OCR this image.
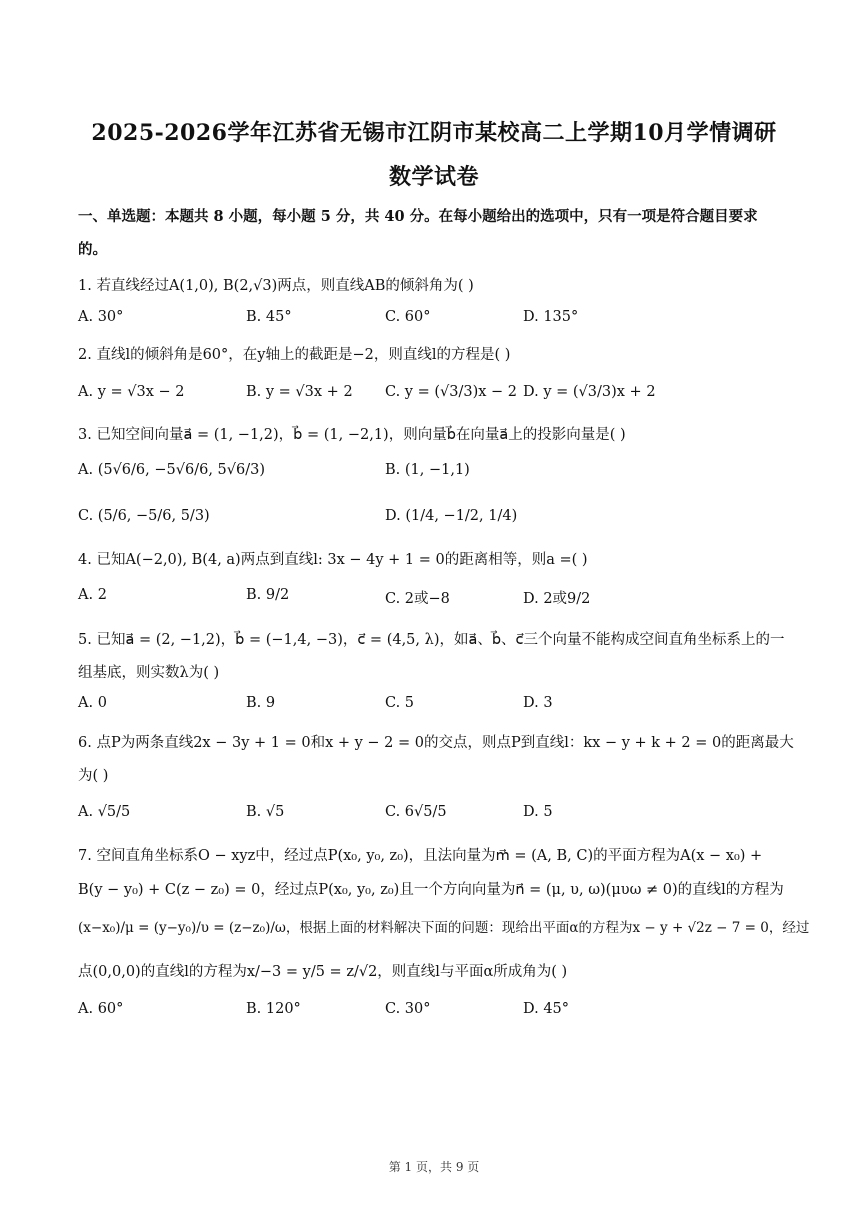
2025-2026学年江苏省无锡市江阴市某校高二上学期10月学情调研
数学试卷
一、单选题：本题共 8 小题，每小题 5 分，共 40 分。在每小题给出的选项中，只有一项是符合题目要求
的。
1. 若直线经过A(1,0), B(2,√3)两点，则直线AB的倾斜角为( )
A. 30°	B. 45°	C. 60°	D. 135°
2. 直线l的倾斜角是60°，在y轴上的截距是−2，则直线l的方程是( )
A. y = √3x − 2	B. y = √3x + 2 C. y = (√3/3)x − 2 D. y = (√3/3)x + 2
3. 已知空间向量a⃗ = (1, −1,2)，b⃗ = (1, −2,1)，则向量b⃗在向量a⃗上的投影向量是( )
A. (5√6/6, −5√6/6, 5√6/3)	B. (1, −1,1)
C. (5/6, −5/6, 5/3)	D. (1/4, −1/2, 1/4)
4. 已知A(−2,0), B(4, a)两点到直线l: 3x − 4y + 1 = 0的距离相等，则a =( )
A. 2	B. 9/2	C. 2或−8	D. 2或9/2
5. 已知a⃗ = (2, −1,2)，b⃗ = (−1,4, −3)，c⃗ = (4,5, λ)，如a⃗、b⃗、c⃗三个向量不能构成空间直角坐标系上的一
组基底，则实数λ为( )
A. 0	B. 9	C. 5	D. 3
6. 点P为两条直线2x − 3y + 1 = 0和x + y − 2 = 0的交点，则点P到直线l：kx − y + k + 2 = 0的距离最大
为( )
A. √5/5	B. √5	C. 6√5/5	D. 5
7. 空间直角坐标系O − xyz中，经过点P(x₀, y₀, z₀)，且法向量为m⃗ = (A, B, C)的平面方程为A(x − x₀) +
B(y − y₀) + C(z − z₀) = 0，经过点P(x₀, y₀, z₀)且一个方向向量为n⃗ = (μ, υ, ω)(μυω ≠ 0)的直线l的方程为
(x−x₀)/μ = (y−y₀)/υ = (z−z₀)/ω，根据上面的材料解决下面的问题：现给出平面α的方程为x − y + √2z − 7 = 0，经过
点(0,0,0)的直线l的方程为x/−3 = y/5 = z/√2，则直线l与平面α所成角为( )
A. 60°	B. 120°	C. 30°	D. 45°
第 1 页，共 9 页
